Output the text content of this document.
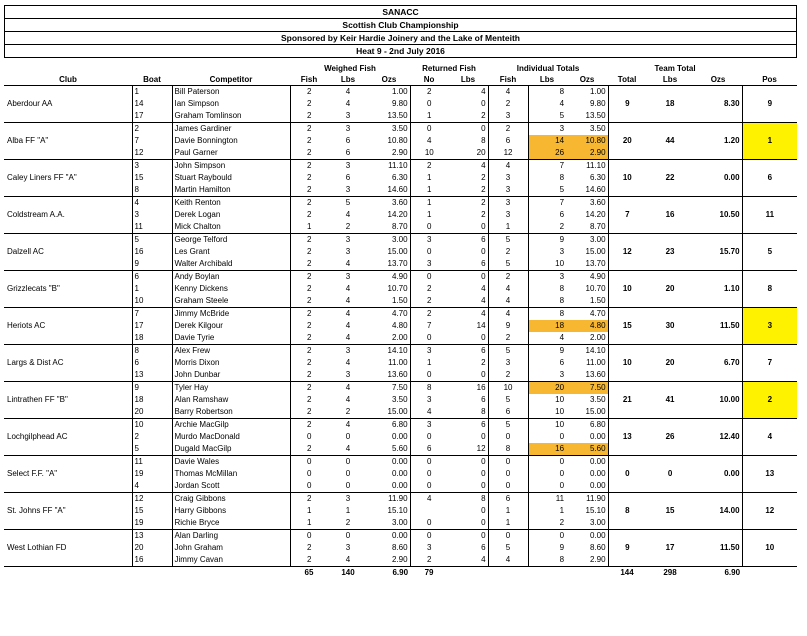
SANACC
Scottish Club Championship
Sponsored by Keir Hardie Joinery and the Lake of Menteith
Heat 9 - 2nd July 2016
			Weighed Fish			Returned Fish		Individual Totals			Team Total			
Club	Boat	Competitor	Fish	Lbs	Ozs	No	Lbs	Fish	Lbs	Ozs	Total	Lbs	Ozs	Pos
Aberdour AA	1	Bill Paterson	2	4	1.00	2	4	4	8	1.00	9	18	8.30	9
	14	Ian Simpson	2	4	9.80	0	0	2	4	9.80				
	17	Graham Tomlinson	2	3	13.50	1	2	3	5	13.50				
Alba FF "A"	2	James Gardiner	2	3	3.50	0	0	2	3	3.50	20	44	1.20	1
	7	Davie Bonnington	2	6	10.80	4	8	6	14	10.80				
	12	Paul Garner	2	6	2.90	10	20	12	26	2.90				
Caley Liners FF "A"	3	John Simpson	2	3	11.10	2	4	4	7	11.10	10	22	0.00	6
	15	Stuart Raybould	2	6	6.30	1	2	3	8	6.30				
	8	Martin Hamilton	2	3	14.60	1	2	3	5	14.60				
Coldstream A.A.	4	Keith Renton	2	5	3.60	1	2	3	7	3.60	7	16	10.50	11
	3	Derek Logan	2	4	14.20	1	2	3	6	14.20				
	11	Mick Chalton	1	2	8.70	0	0	1	2	8.70				
Dalzell AC	5	George Telford	2	3	3.00	3	6	5	9	3.00	12	23	15.70	5
	16	Les Grant	2	3	15.00	0	0	2	3	15.00				
	9	Walter Archibald	2	4	13.70	3	6	5	10	13.70				
Grizzlecats "B"	6	Andy Boylan	2	3	4.90	0	0	2	3	4.90	10	20	1.10	8
	1	Kenny Dickens	2	4	10.70	2	4	4	8	10.70				
	10	Graham Steele	2	4	1.50	2	4	4	8	1.50				
Heriots AC	7	Jimmy McBride	2	4	4.70	2	4	4	8	4.70	15	30	11.50	3
	17	Derek Kilgour	2	4	4.80	7	14	9	18	4.80				
	18	Davie Tyrie	2	4	2.00	0	0	2	4	2.00				
Largs & Dist AC	8	Alex Frew	2	3	14.10	3	6	5	9	14.10	10	20	6.70	7
	6	Morris Dixon	2	4	11.00	1	2	3	6	11.00				
	13	John Dunbar	2	3	13.60	0	0	2	3	13.60				
Lintrathen FF "B"	9	Tyler Hay	2	4	7.50	8	16	10	20	7.50	21	41	10.00	2
	18	Alan Ramshaw	2	4	3.50	3	6	5	10	3.50				
	20	Barry Robertson	2	2	15.00	4	8	6	10	15.00				
Lochgilphead AC	10	Archie MacGilp	2	4	6.80	3	6	5	10	6.80	13	26	12.40	4
	2	Murdo MacDonald	0	0	0.00	0	0	0	0	0.00				
	5	Dugald MacGilp	2	4	5.60	6	12	8	16	5.60				
Select F.F. "A"	11	Davie Wales	0	0	0.00	0	0	0	0	0.00	0	0	0.00	13
	19	Thomas McMillan	0	0	0.00	0	0	0	0	0.00				
	4	Jordan Scott	0	0	0.00	0	0	0	0	0.00				
St. Johns FF "A"	12	Craig Gibbons	2	3	11.90	4	8	6	11	11.90	8	15	14.00	12
	15	Harry Gibbons	1	1	15.10		0	1	1	15.10				
	19	Richie Bryce	1	2	3.00	0	0	1	2	3.00				
West Lothian FD	13	Alan Darling	0	0	0.00	0	0	0	0	0.00	9	17	11.50	10
	20	John Graham	2	3	8.60	3	6	5	9	8.60				
	16	Jimmy Cavan	2	4	2.90	2	4	4	8	2.90				
			65	140	6.90	79					144	298	6.90	
